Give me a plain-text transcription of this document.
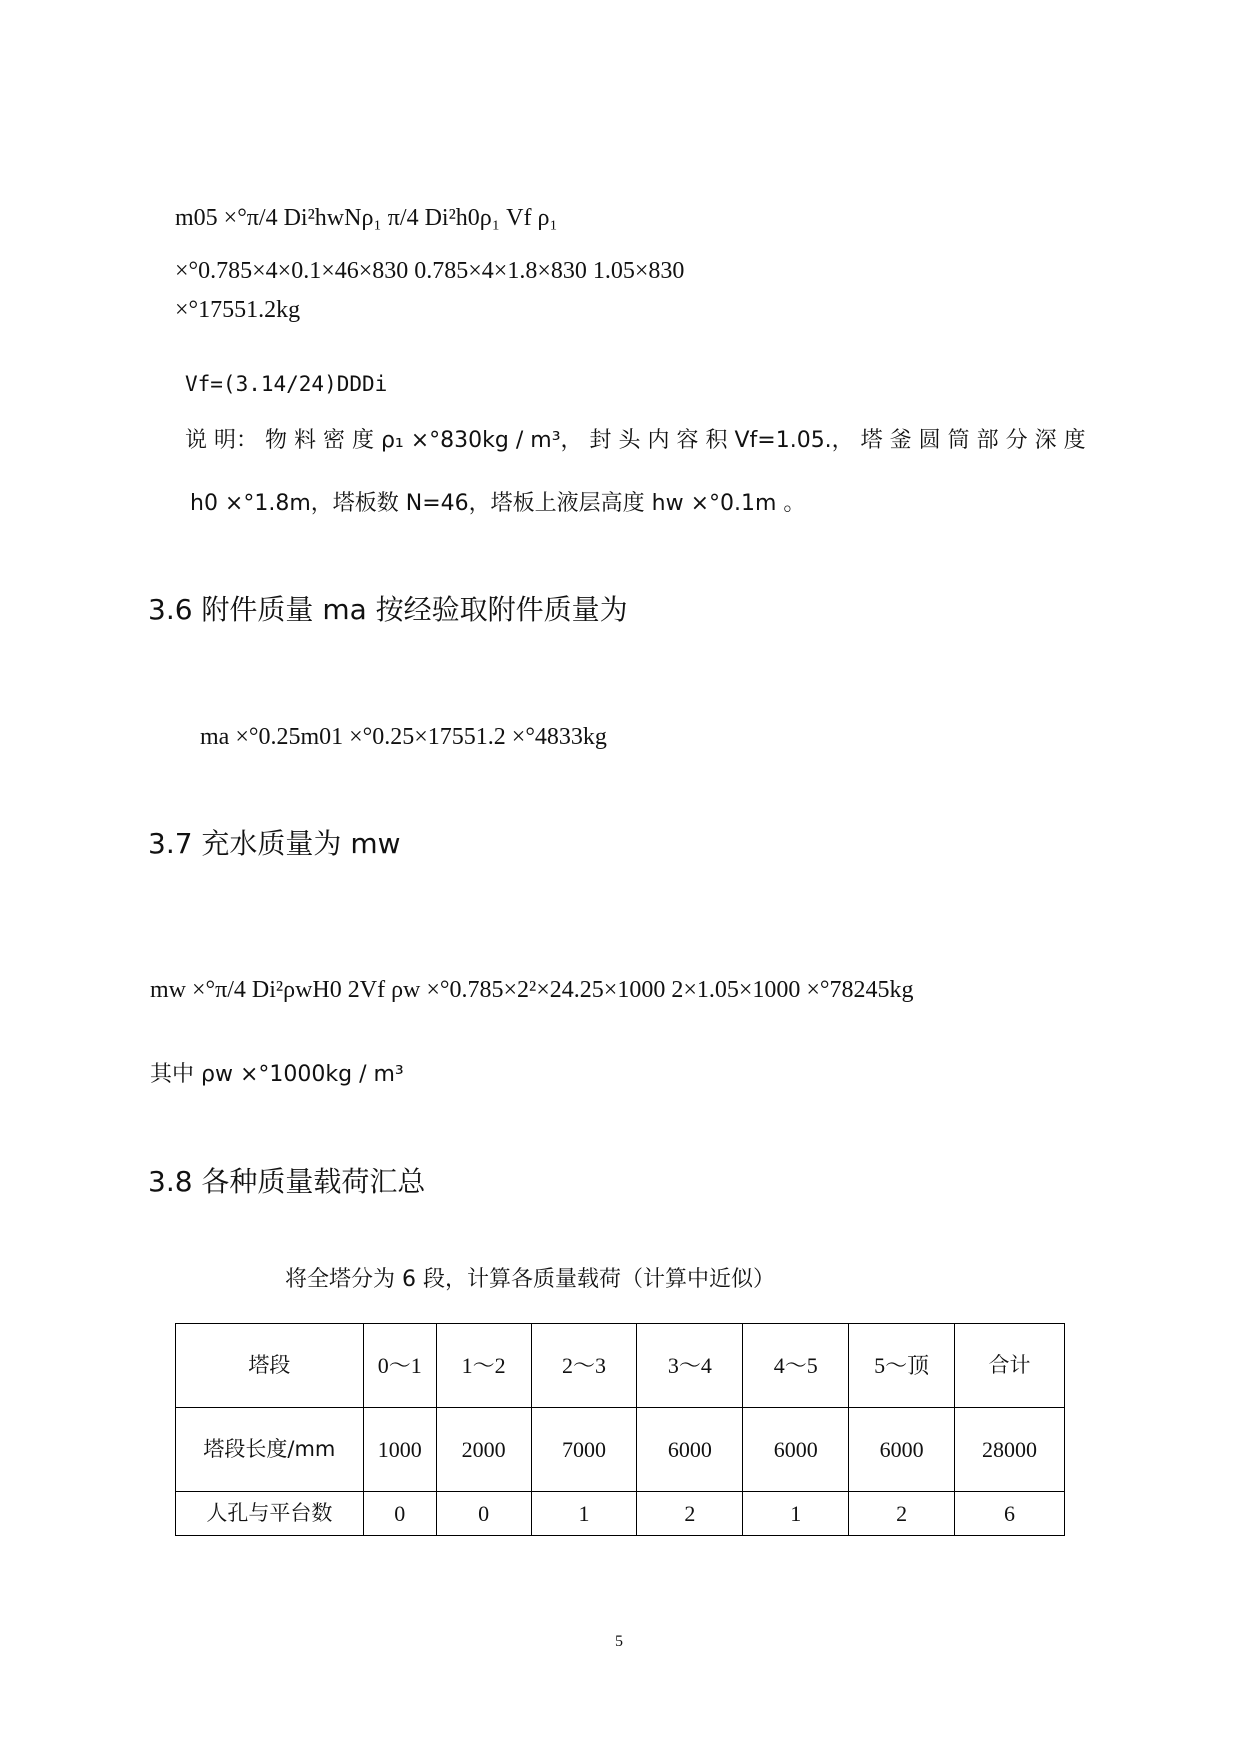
m05 ×°π/4 Di²hwNρ₁ π/4 Di²h0ρ₁ Vf ρ₁
×°0.785×4×0.1×46×830 0.785×4×1.8×830 1.05×830
×°17551.2kg
Vf=(3.14/24)DDDi
说 明： 物 料 密 度 ρ₁ ×°830kg / m³， 封 头 内 容 积 Vf=1.05.， 塔 釜 圆 筒 部 分 深 度
h0 ×°1.8m，塔板数 N=46，塔板上液层高度 hw ×°0.1m 。
3.6 附件质量 ma 按经验取附件质量为
ma ×°0.25m01 ×°0.25×17551.2 ×°4833kg
3.7 充水质量为 mw
mw ×°π/4 Di²ρwH0 2Vf ρw ×°0.785×2²×24.25×1000 2×1.05×1000 ×°78245kg
其中 ρw ×°1000kg / m³
3.8 各种质量载荷汇总
将全塔分为 6 段，计算各质量载荷（计算中近似）
塔段	0～1	1～2	2～3	3～4	4～5	5～顶	合计
塔段长度/mm	1000	2000	7000	6000	6000	6000	28000
人孔与平台数	0	0	1	2	1	2	6
5
